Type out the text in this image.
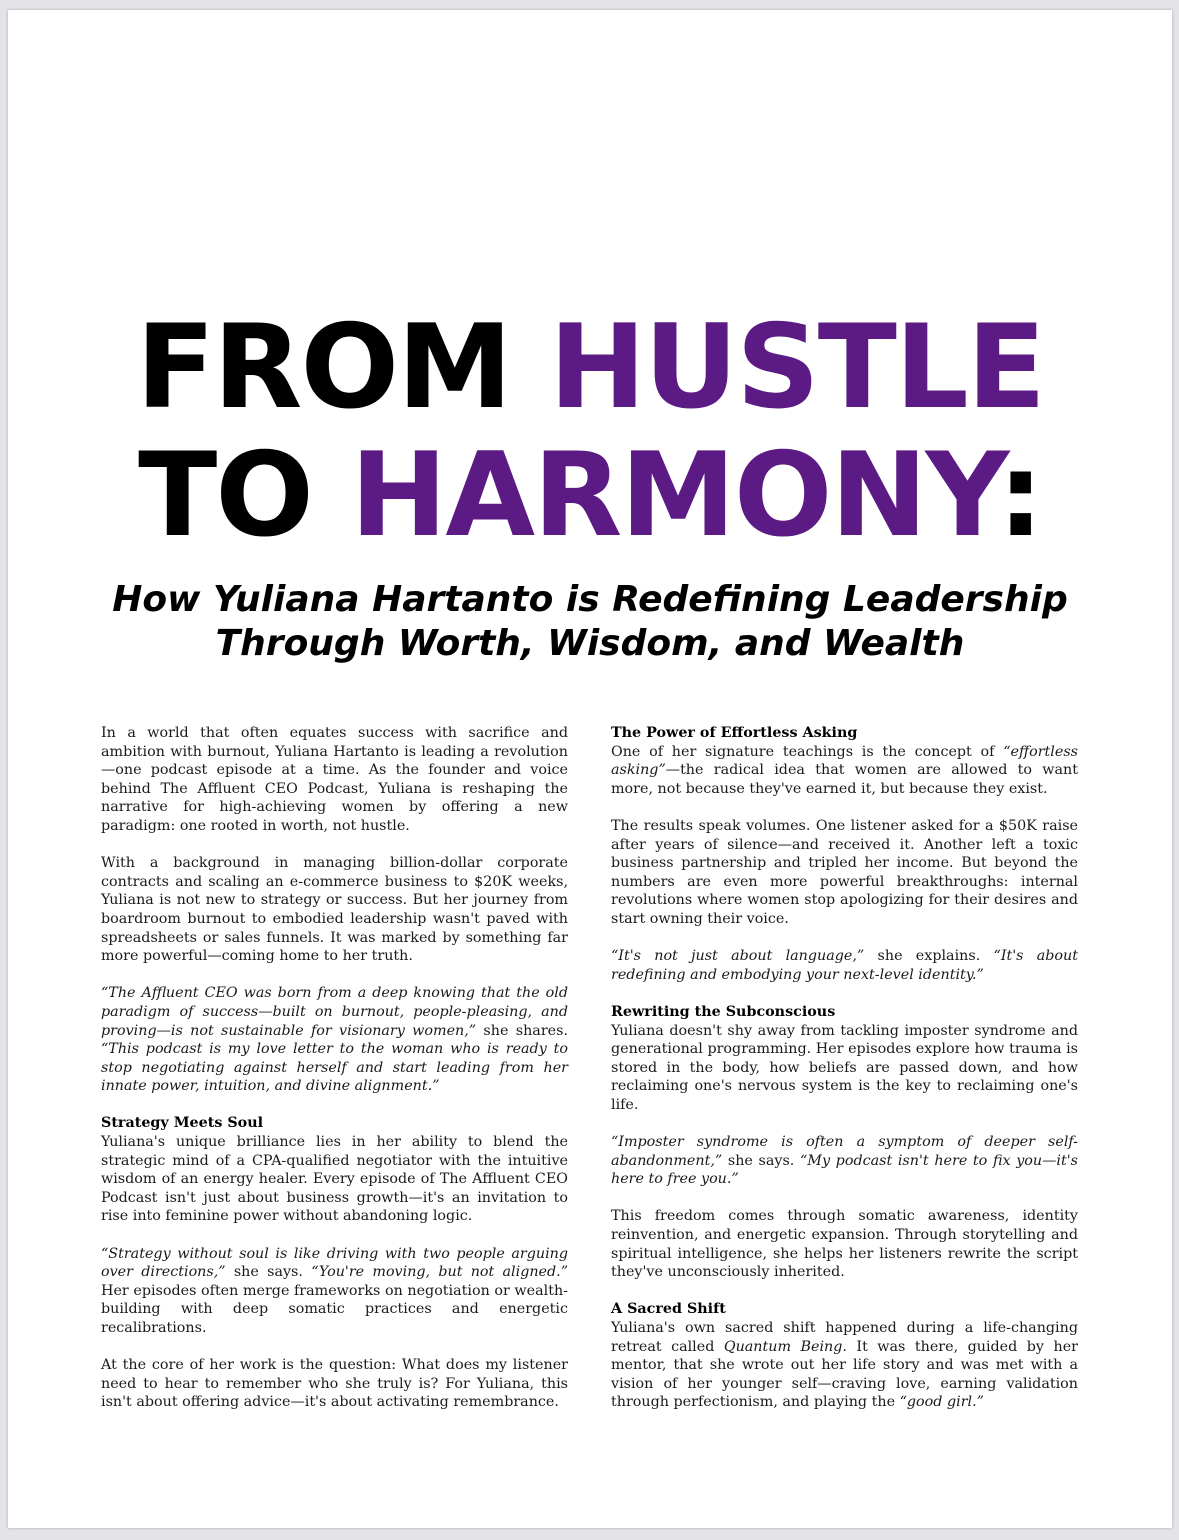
FROM HUSTLE
TO HARMONY:
How Yuliana Hartanto is Redefining Leadership
Through Worth, Wisdom, and Wealth

In a world that often equates success with sacrifice and ambition with burnout, Yuliana Hartanto is leading a revolution—one podcast episode at a time. As the founder and voice behind The Affluent CEO Podcast, Yuliana is reshaping the narrative for high-achieving women by offering a new paradigm: one rooted in worth, not hustle.

With a background in managing billion-dollar corporate contracts and scaling an e-commerce business to $20K weeks, Yuliana is not new to strategy or success. But her journey from boardroom burnout to embodied leadership wasn't paved with spreadsheets or sales funnels. It was marked by something far more powerful—coming home to her truth.

“The Affluent CEO was born from a deep knowing that the old paradigm of success—built on burnout, people-pleasing, and proving—is not sustainable for visionary women,” she shares. “This podcast is my love letter to the woman who is ready to stop negotiating against herself and start leading from her innate power, intuition, and divine alignment.”

Strategy Meets Soul

Yuliana's unique brilliance lies in her ability to blend the strategic mind of a CPA-qualified negotiator with the intuitive wisdom of an energy healer. Every episode of The Affluent CEO Podcast isn't just about business growth—it's an invitation to rise into feminine power without abandoning logic.

“Strategy without soul is like driving with two people arguing over directions,” she says. “You're moving, but not aligned.” Her episodes often merge frameworks on negotiation or wealth-building with deep somatic practices and energetic recalibrations.

At the core of her work is the question: What does my listener need to hear to remember who she truly is? For Yuliana, this isn't about offering advice—it's about activating remembrance.

The Power of Effortless Asking

One of her signature teachings is the concept of “effortless asking”—the radical idea that women are allowed to want more, not because they've earned it, but because they exist.

The results speak volumes. One listener asked for a $50K raise after years of silence—and received it. Another left a toxic business partnership and tripled her income. But beyond the numbers are even more powerful breakthroughs: internal revolutions where women stop apologizing for their desires and start owning their voice.

“It's not just about language,” she explains. “It's about redefining and embodying your next-level identity.”

Rewriting the Subconscious

Yuliana doesn't shy away from tackling imposter syndrome and generational programming. Her episodes explore how trauma is stored in the body, how beliefs are passed down, and how reclaiming one's nervous system is the key to reclaiming one's life.

“Imposter syndrome is often a symptom of deeper self-abandonment,” she says. “My podcast isn't here to fix you—it's here to free you.”

This freedom comes through somatic awareness, identity reinvention, and energetic expansion. Through storytelling and spiritual intelligence, she helps her listeners rewrite the script they've unconsciously inherited.

A Sacred Shift

Yuliana's own sacred shift happened during a life-changing retreat called Quantum Being. It was there, guided by her mentor, that she wrote out her life story and was met with a vision of her younger self—craving love, earning validation through perfectionism, and playing the “good girl.”
